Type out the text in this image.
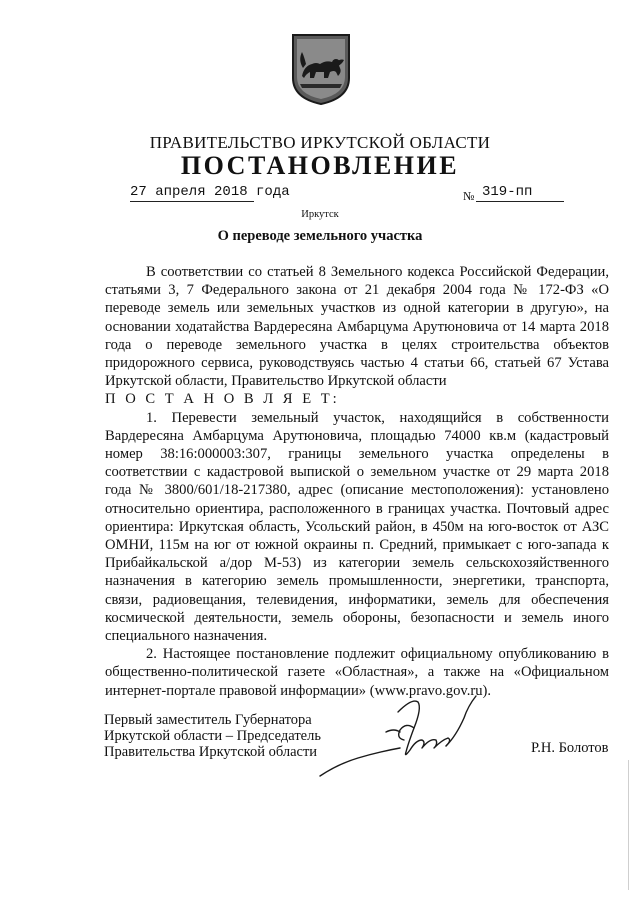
ПРАВИТЕЛЬСТВО ИРКУТСКОЙ ОБЛАСТИ
ПОСТАНОВЛЕНИЕ
27 апреля 2018 года	№ 319-пп
Иркутск
О переводе земельного участка

В соответствии со статьей 8 Земельного кодекса Российской Федерации, статьями 3, 7 Федерального закона от 21 декабря 2004 года № 172-ФЗ «О переводе земель или земельных участков из одной категории в другую», на основании ходатайства Вардересяна Амбарцума Арутюновича от 14 марта 2018 года о переводе земельного участка в целях строительства объектов придорожного сервиса, руководствуясь частью 4 статьи 66, статьей 67 Устава Иркутской области, Правительство Иркутской области

П О С Т А Н О В Л Я Е Т:

1. Перевести земельный участок, находящийся в собственности Вардересяна Амбарцума Арутюновича, площадью 74000 кв.м (кадастровый номер 38:16:000003:307, границы земельного участка определены в соответствии с кадастровой выпиской о земельном участке от 29 марта 2018 года № 3800/601/18-217380, адрес (описание местоположения): установлено относительно ориентира, расположенного в границах участка. Почтовый адрес ориентира: Иркутская область, Усольский район, в 450м на юго-восток от АЗС ОМНИ, 115м на юг от южной окраины п. Средний, примыкает с юго-запада к Прибайкальской а/дор М-53) из категории земель сельскохозяйственного назначения в категорию земель промышленности, энергетики, транспорта, связи, радиовещания, телевидения, информатики, земель для обеспечения космической деятельности, земель обороны, безопасности и земель иного специального назначения.

2. Настоящее постановление подлежит официальному опубликованию в общественно-политической газете «Областная», а также на «Официальном интернет-портале правовой информации» (www.pravo.gov.ru).

Первый заместитель Губернатора
Иркутской области – Председатель
Правительства Иркутской области	Р.Н. Болотов
